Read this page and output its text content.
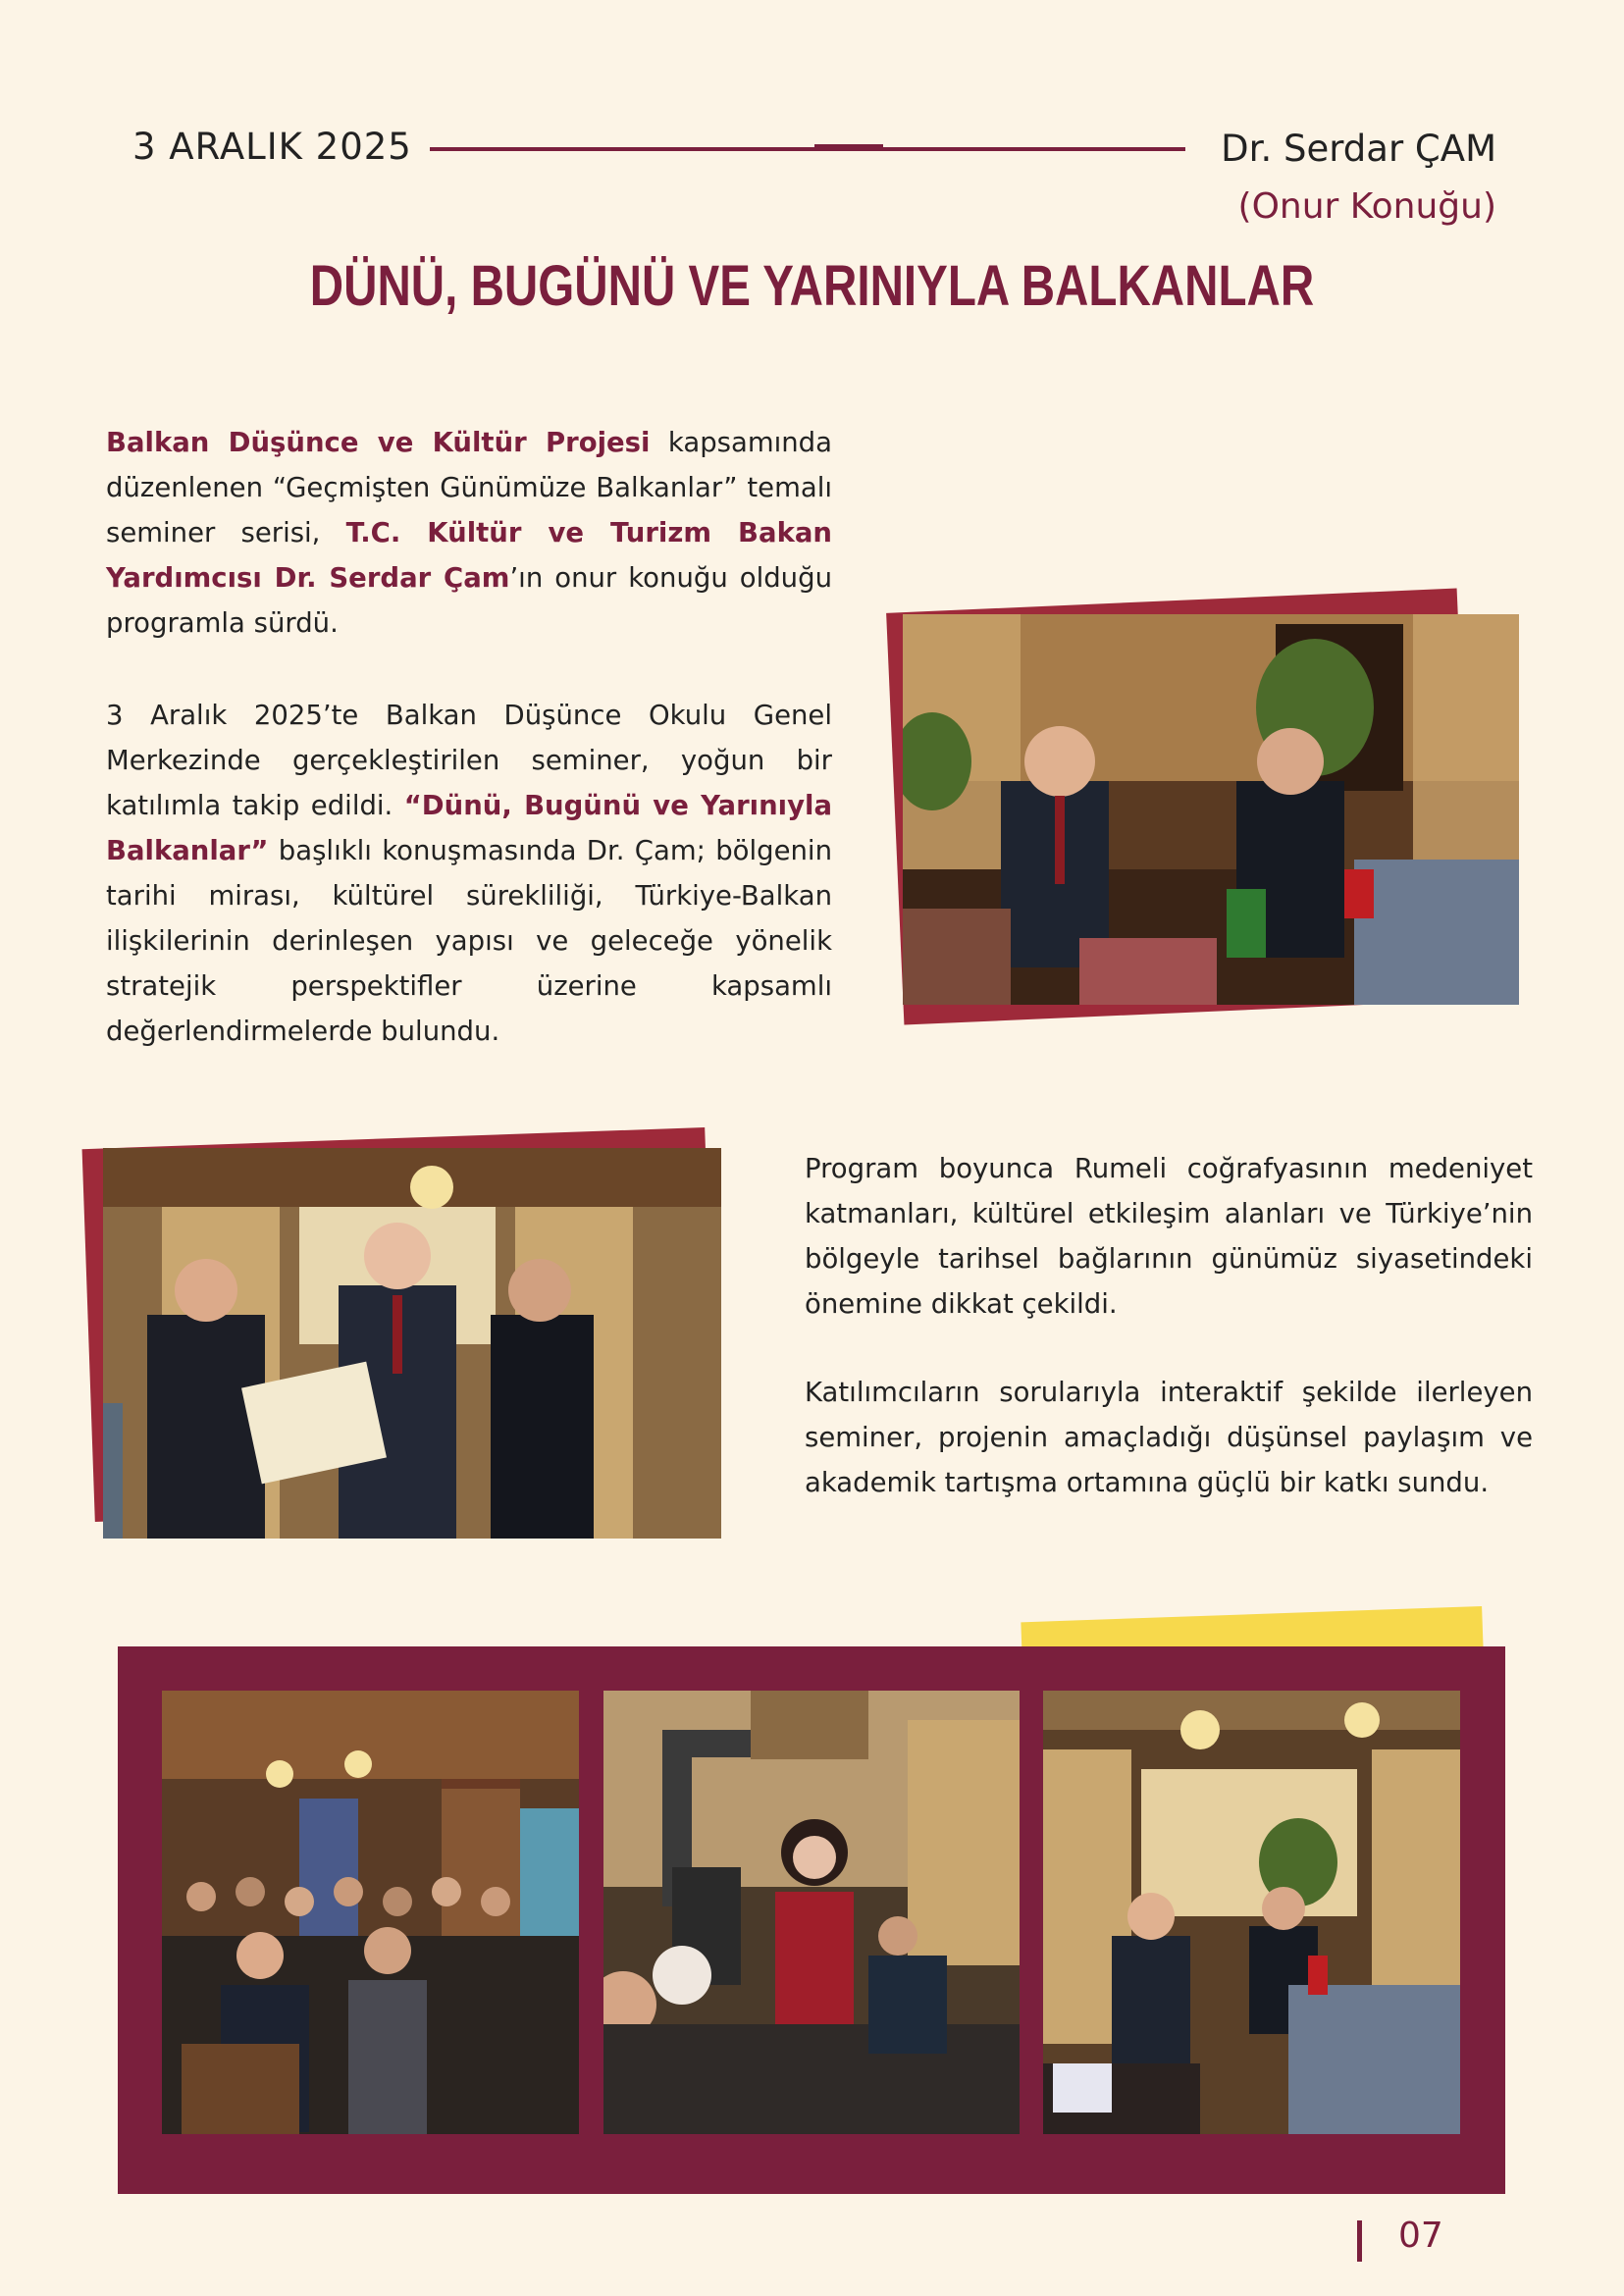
3 ARALIK 2025	Dr. Serdar ÇAM
(Onur Konuğu)
DÜNÜ, BUGÜNÜ VE YARINIYLA BALKANLAR
Balkan Düşünce ve Kültür Projesi kapsamında düzenlenen “Geçmişten Günümüze Balkanlar” temalı seminer serisi, T.C. Kültür ve Turizm Bakan Yardımcısı Dr. Serdar Çam’ın onur konuğu olduğu programla sürdü.
3 Aralık 2025’te Balkan Düşünce Okulu Genel Merkezinde gerçekleştirilen seminer, yoğun bir katılımla takip edildi. “Dünü, Bugünü ve Yarınıyla Balkanlar” başlıklı konuşmasında Dr. Çam; bölgenin tarihi mirası, kültürel sürekliliği, Türkiye-Balkan ilişkilerinin derinleşen yapısı ve geleceğe yönelik stratejik perspektifler üzerine kapsamlı değerlendirmelerde bulundu.
Program boyunca Rumeli coğrafyasının medeniyet katmanları, kültürel etkileşim alanları ve Türkiye’nin bölgeyle tarihsel bağlarının günümüz siyasetindeki önemine dikkat çekildi.
Katılımcıların sorularıyla interaktif şekilde ilerleyen seminer, projenin amaçladığı düşünsel paylaşım ve akademik tartışma ortamına güçlü bir katkı sundu.
07
